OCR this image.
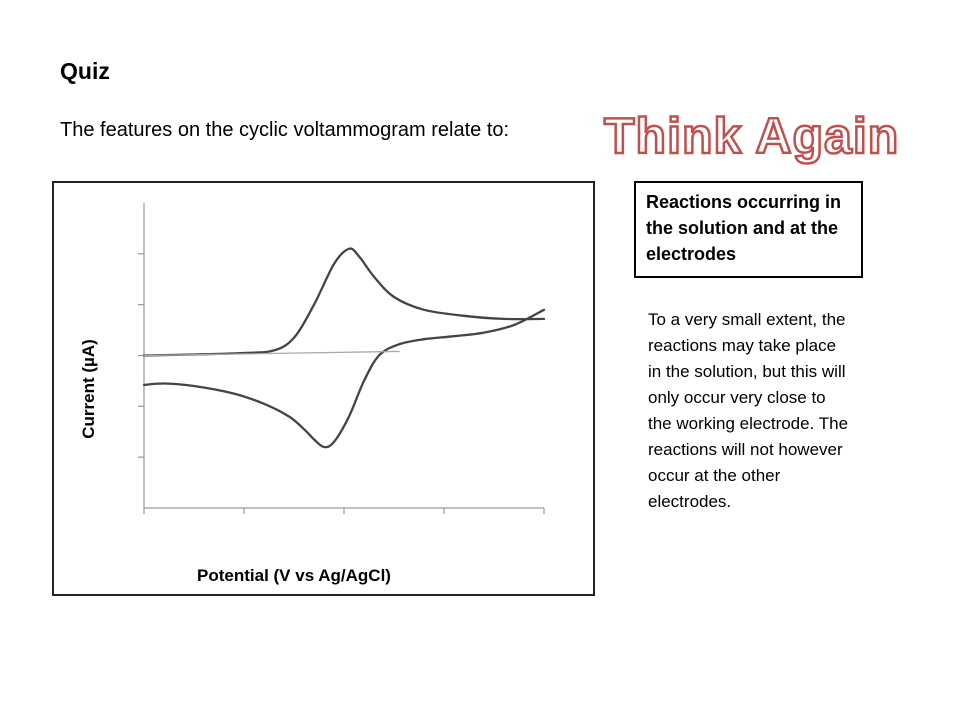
Quiz
The features on the cyclic voltammogram relate to: Think Again
Potential (V vs Ag/AgCl)
Current (µA)
Reactions occurring in the solution and at the electrodes
To a very small extent, the reactions may take place in the solution, but this will only occur very close to the working electrode. The reactions will not however occur at the other electrodes.
